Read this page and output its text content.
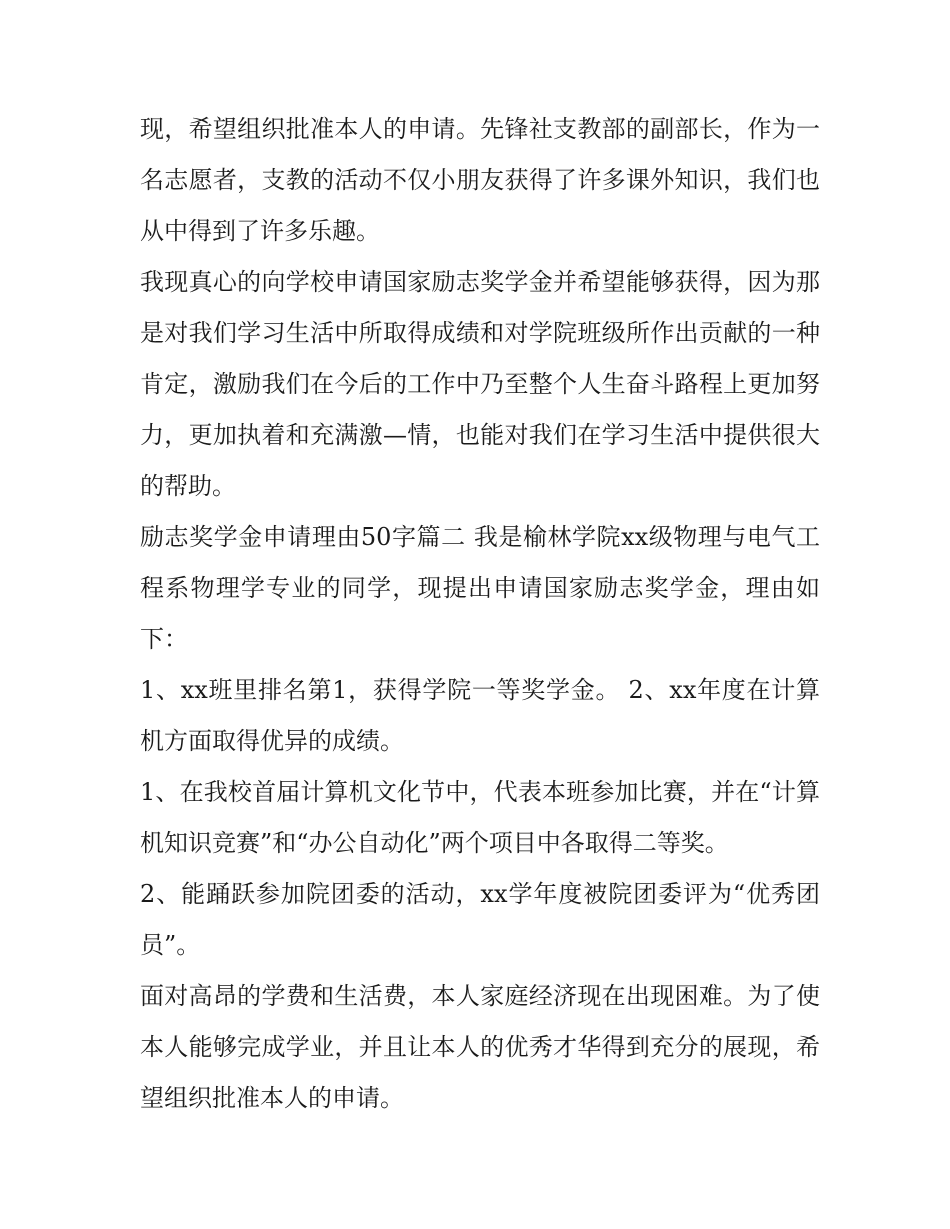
现，希望组织批准本人的申请。先锋社支教部的副部长，作为一名志愿者，支教的活动不仅小朋友获得了许多课外知识，我们也从中得到了许多乐趣。

我现真心的向学校申请国家励志奖学金并希望能够获得，因为那是对我们学习生活中所取得成绩和对学院班级所作出贡献的一种肯定，激励我们在今后的工作中乃至整个人生奋斗路程上更加努力，更加执着和充满激—情，也能对我们在学习生活中提供很大的帮助。

励志奖学金申请理由50字篇二 我是榆林学院xx级物理与电气工程系物理学专业的同学，现提出申请国家励志奖学金，理由如下：

1、xx班里排名第1，获得学院一等奖学金。 2、xx年度在计算机方面取得优异的成绩。

1、在我校首届计算机文化节中，代表本班参加比赛，并在“计算机知识竞赛”和“办公自动化”两个项目中各取得二等奖。

2、能踊跃参加院团委的活动，xx学年度被院团委评为“优秀团员”。

面对高昂的学费和生活费，本人家庭经济现在出现困难。为了使本人能够完成学业，并且让本人的优秀才华得到充分的展现，希望组织批准本人的申请。
